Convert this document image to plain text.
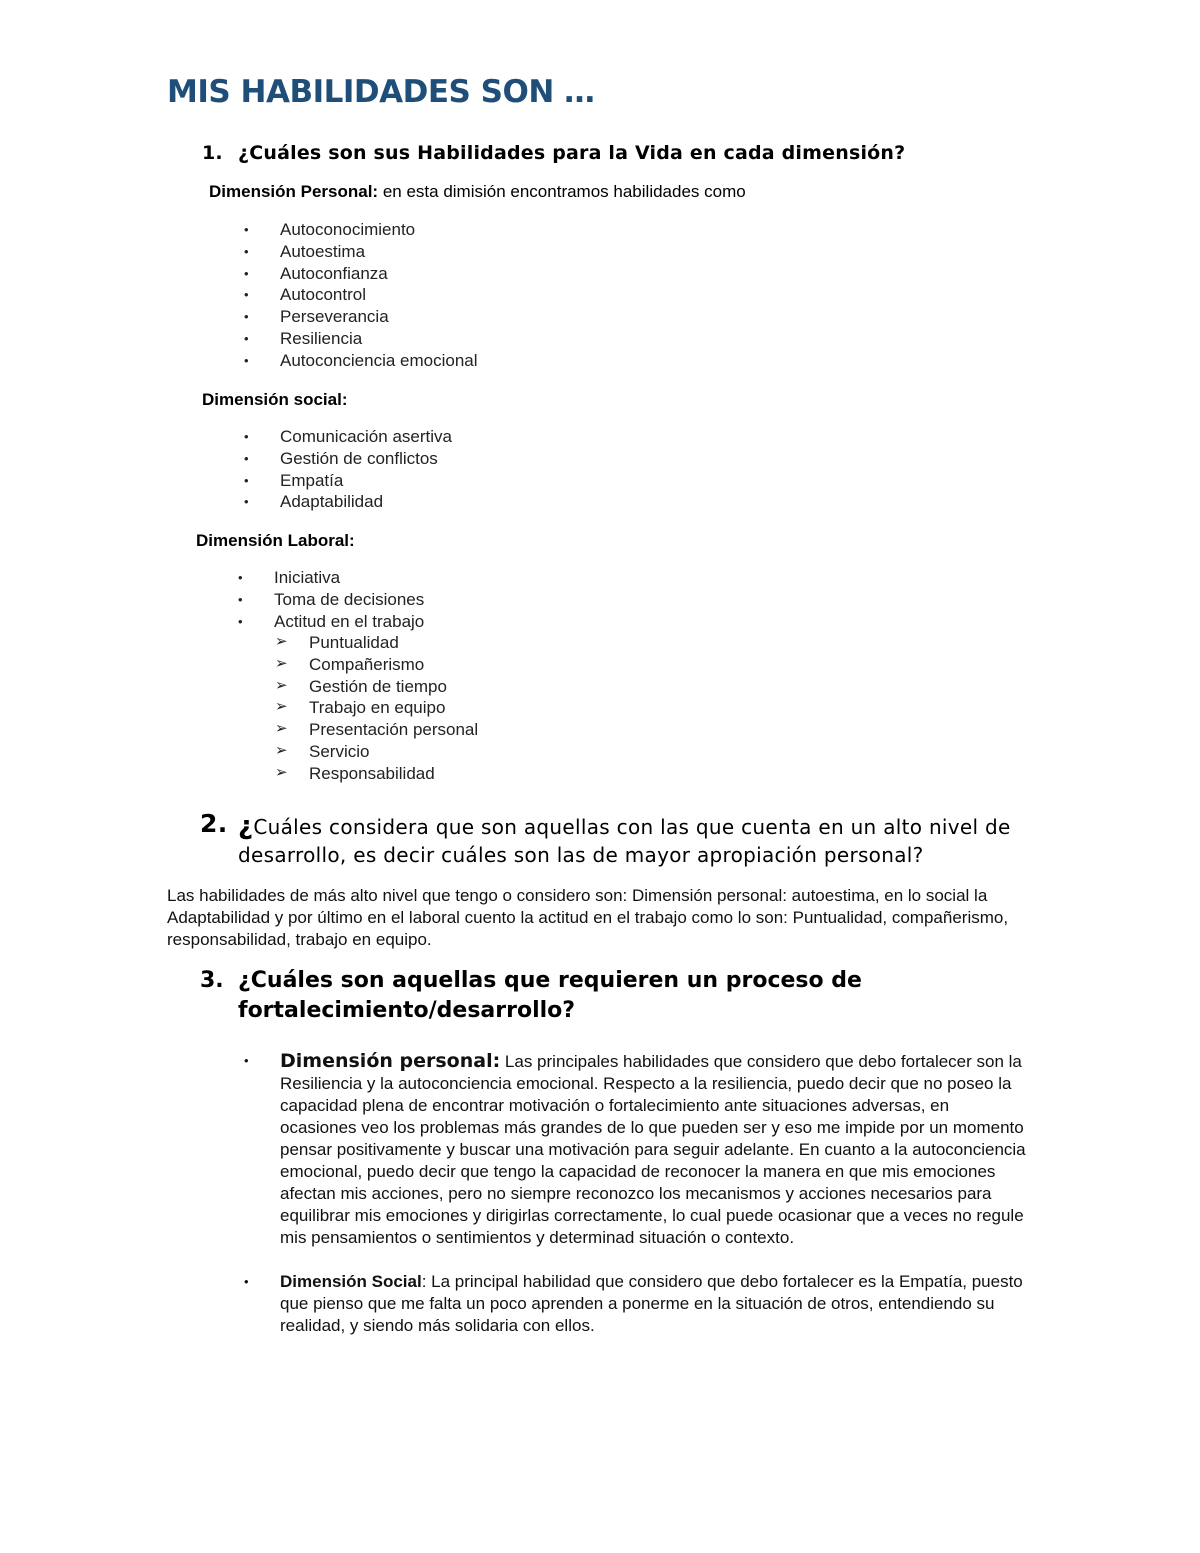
MIS HABILIDADES SON …

1. ¿Cuáles son sus Habilidades para la Vida en cada dimensión?

Dimensión Personal: en esta dimisión encontramos habilidades como

• Autoconocimiento
• Autoestima
• Autoconfianza
• Autocontrol
• Perseverancia
• Resiliencia
• Autoconciencia emocional

Dimensión social:

• Comunicación asertiva
• Gestión de conflictos
• Empatía
• Adaptabilidad

Dimensión Laboral:

• Iniciativa
• Toma de decisiones
• Actitud en el trabajo
➢ Puntualidad
➢ Compañerismo
➢ Gestión de tiempo
➢ Trabajo en equipo
➢ Presentación personal
➢ Servicio
➢ Responsabilidad

2. ¿Cuáles considera que son aquellas con las que cuenta en un alto nivel de desarrollo, es decir cuáles son las de mayor apropiación personal?

Las habilidades de más alto nivel que tengo o considero son: Dimensión personal: autoestima, en lo social la Adaptabilidad y por último en el laboral cuento la actitud en el trabajo como lo son: Puntualidad, compañerismo, responsabilidad, trabajo en equipo.

3. ¿Cuáles son aquellas que requieren un proceso de fortalecimiento/desarrollo?

• Dimensión personal: Las principales habilidades que considero que debo fortalecer son la Resiliencia y la autoconciencia emocional. Respecto a la resiliencia, puedo decir que no poseo la capacidad plena de encontrar motivación o fortalecimiento ante situaciones adversas, en ocasiones veo los problemas más grandes de lo que pueden ser y eso me impide por un momento pensar positivamente y buscar una motivación para seguir adelante. En cuanto a la autoconciencia emocional, puedo decir que tengo la capacidad de reconocer la manera en que mis emociones afectan mis acciones, pero no siempre reconozco los mecanismos y acciones necesarios para equilibrar mis emociones y dirigirlas correctamente, lo cual puede ocasionar que a veces no regule mis pensamientos o sentimientos y determinad situación o contexto.

• Dimensión Social: La principal habilidad que considero que debo fortalecer es la Empatía, puesto que pienso que me falta un poco aprenden a ponerme en la situación de otros, entendiendo su realidad, y siendo más solidaria con ellos.
